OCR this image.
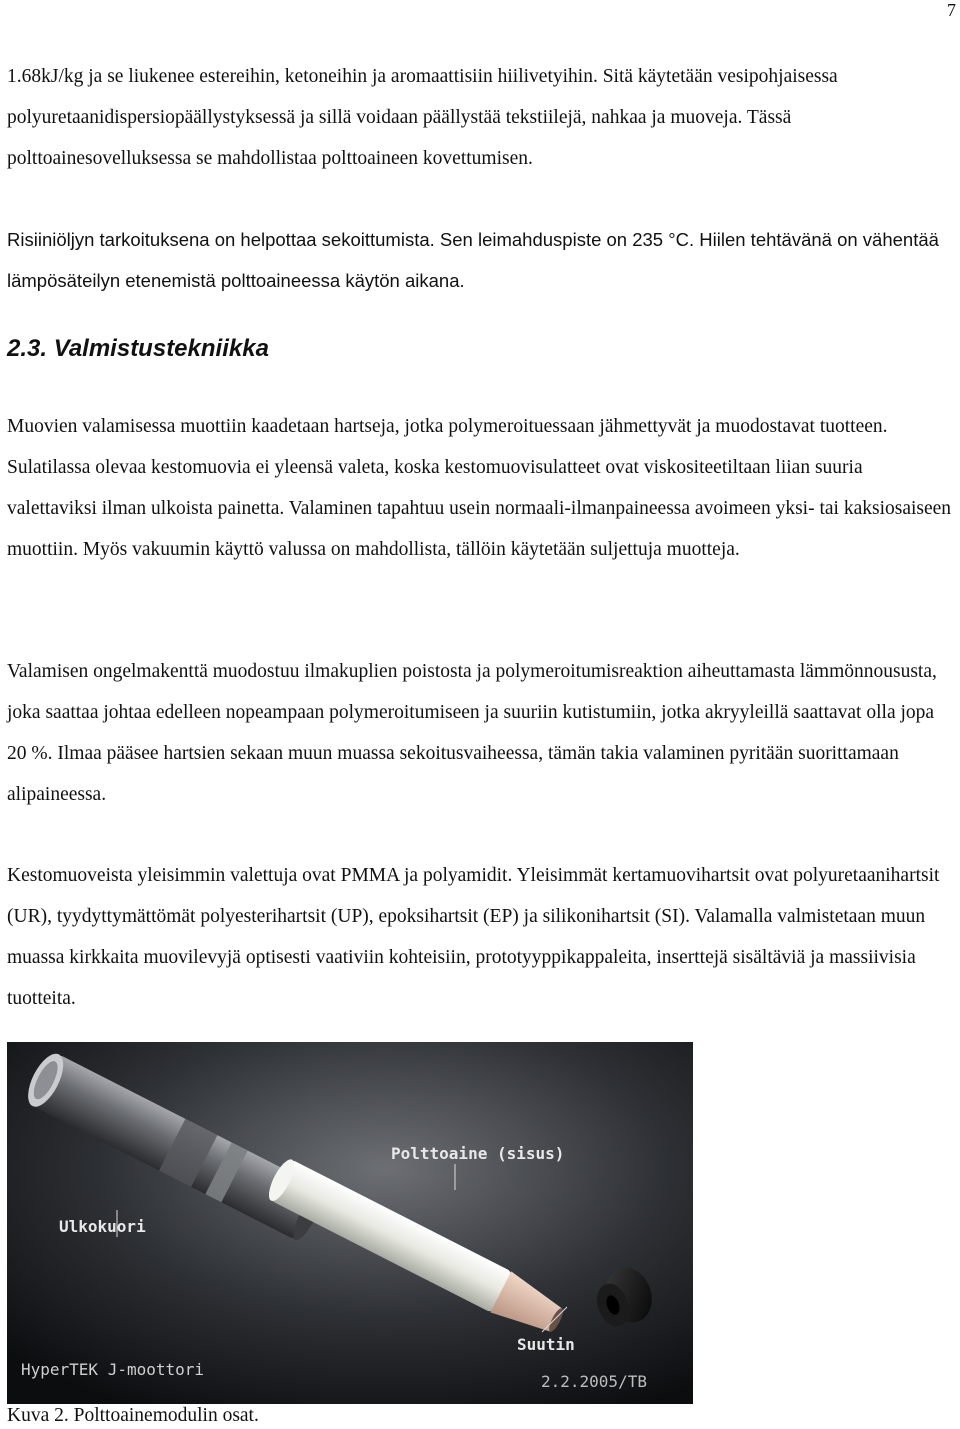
7

1.68kJ/kg ja se liukenee estereihin, ketoneihin ja aromaattisiin hiilivetyihin. Sitä käytetään vesipohjaisessa polyuretaanidispersiopäällystyksessä ja sillä voidaan päällystää tekstiilejä, nahkaa ja muoveja. Tässä polttoainesovelluksessa se mahdollistaa polttoaineen kovettumisen.

Risiiniöljyn tarkoituksena on helpottaa sekoittumista. Sen leimahduspiste on 235 °C. Hiilen tehtävänä on vähentää lämpösäteilyn etenemistä polttoaineessa käytön aikana.

2.3. Valmistustekniikka

Muovien valamisessa muottiin kaadetaan hartseja, jotka polymeroituessaan jähmettyvät ja muodostavat tuotteen. Sulatilassa olevaa kestomuovia ei yleensä valeta, koska kestomuovisulatteet ovat viskositeetiltaan liian suuria valettaviksi ilman ulkoista painetta. Valaminen tapahtuu usein normaali-ilmanpaineessa avoimeen yksi- tai kaksiosaiseen muottiin. Myös vakuumin käyttö valussa on mahdollista, tällöin käytetään suljettuja muotteja.

Valamisen ongelmakenttä muodostuu ilmakuplien poistosta ja polymeroitumisreaktion aiheuttamasta lämmönnoususta, joka saattaa johtaa edelleen nopeampaan polymeroitumiseen ja suuriin kutistumiin, jotka akryyleillä saattavat olla jopa 20 %. Ilmaa pääsee hartsien sekaan muun muassa sekoitusvaiheessa, tämän takia valaminen pyritään suorittamaan alipaineessa.

Kestomuoveista yleisimmin valettuja ovat PMMA ja polyamidit. Yleisimmät kertamuovihartsit ovat polyuretaanihartsit (UR), tyydyttymättömät polyesterihartsit (UP), epoksihartsit (EP) ja silikonihartsit (SI). Valamalla valmistetaan muun muassa kirkkaita muovilevyjä optisesti vaativiin kohteisiin, prototyyppikappaleita, inserttejä sisältäviä ja massiivisia tuotteita.

Polttoaine (sisus)
Ulkokuori
Suutin
HyperTEK J-moottori
2.2.2005/TB

Kuva 2. Polttoainemodulin osat.
